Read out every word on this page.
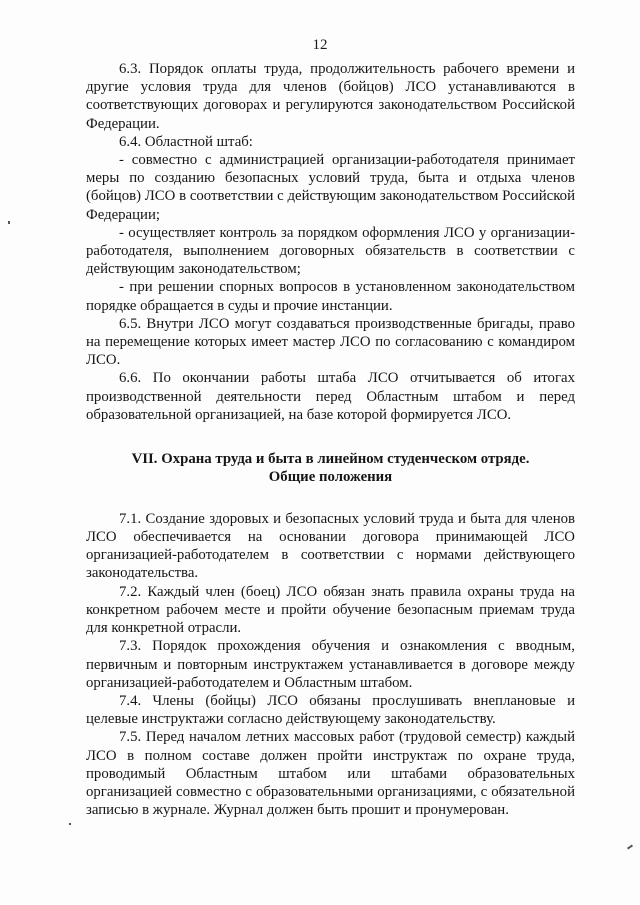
12

6.3. Порядок оплаты труда, продолжительность рабочего времени и другие условия труда для членов (бойцов) ЛСО устанавливаются в соответствующих договорах и регулируются законодательством Российской Федерации.

6.4. Областной штаб:

- совместно с администрацией организации-работодателя принимает меры по созданию безопасных условий труда, быта и отдыха членов (бойцов) ЛСО в соответствии с действующим законодательством Российской Федерации;

- осуществляет контроль за порядком оформления ЛСО у организации-работодателя, выполнением договорных обязательств в соответствии с действующим законодательством;

- при решении спорных вопросов в установленном законодательством порядке обращается в суды и прочие инстанции.

6.5. Внутри ЛСО могут создаваться производственные бригады, право на перемещение которых имеет мастер ЛСО по согласованию с командиром ЛСО.

6.6. По окончании работы штаба ЛСО отчитывается об итогах производственной деятельности перед Областным штабом и перед образовательной организацией, на базе которой формируется ЛСО.

VII. Охрана труда и быта в линейном студенческом отряде.
Общие положения

7.1. Создание здоровых и безопасных условий труда и быта для членов ЛСО обеспечивается на основании договора принимающей ЛСО организацией-работодателем в соответствии с нормами действующего законодательства.

7.2. Каждый член (боец) ЛСО обязан знать правила охраны труда на конкретном рабочем месте и пройти обучение безопасным приемам труда для конкретной отрасли.

7.3. Порядок прохождения обучения и ознакомления с вводным, первичным и повторным инструктажем устанавливается в договоре между организацией-работодателем и Областным штабом.

7.4. Члены (бойцы) ЛСО обязаны прослушивать внеплановые и целевые инструктажи согласно действующему законодательству.

7.5. Перед началом летних массовых работ (трудовой семестр) каждый ЛСО в полном составе должен пройти инструктаж по охране труда, проводимый Областным штабом или штабами образовательных организацией совместно с образовательными организациями, с обязательной записью в журнале. Журнал должен быть прошит и пронумерован.
